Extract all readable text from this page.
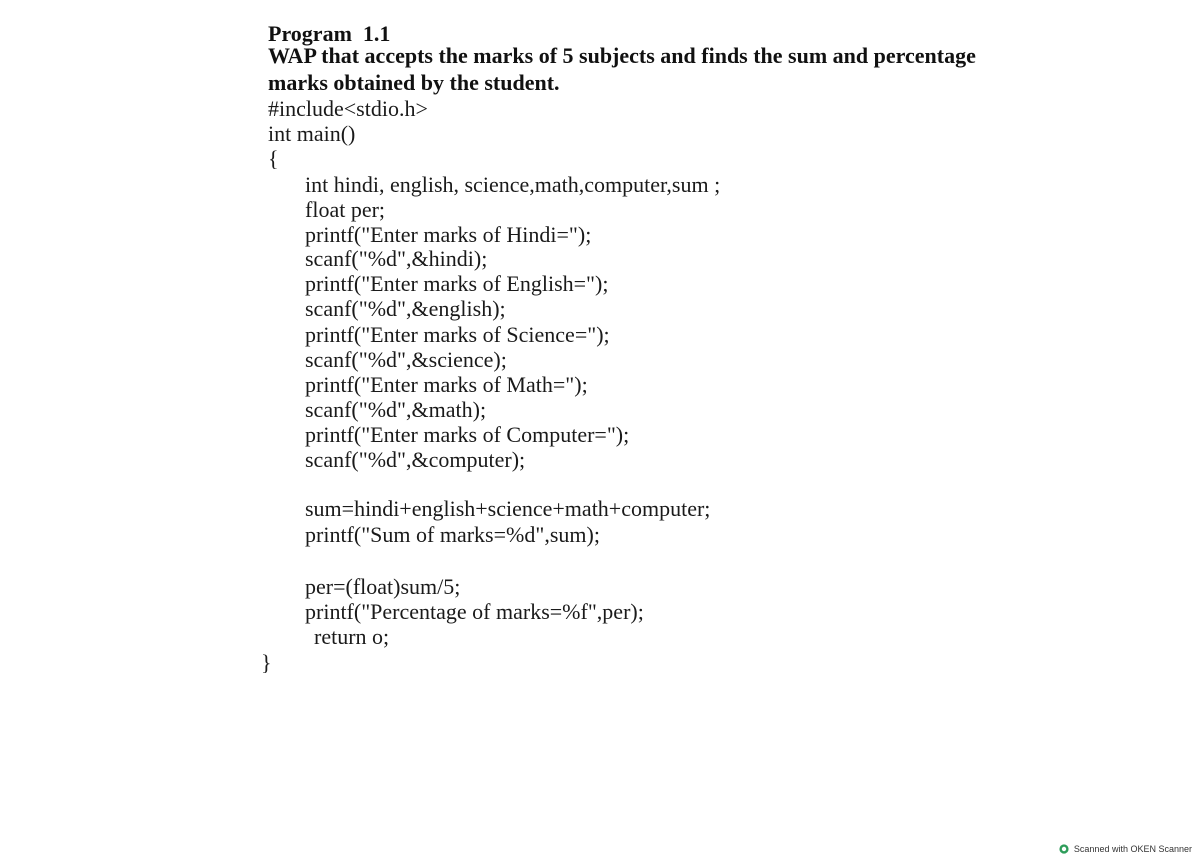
Program  1.1
WAP that accepts the marks of 5 subjects and finds the sum and percentage
marks obtained by the student.
#include<stdio.h>
int main()
{
int hindi, english, science,math,computer,sum ;
float per;
printf("Enter marks of Hindi=");
scanf("%d",&hindi);
printf("Enter marks of English=");
scanf("%d",&english);
printf("Enter marks of Science=");
scanf("%d",&science);
printf("Enter marks of Math=");
scanf("%d",&math);
printf("Enter marks of Computer=");
scanf("%d",&computer);
sum=hindi+english+science+math+computer;
printf("Sum of marks=%d",sum);
per=(float)sum/5;
printf("Percentage of marks=%f",per);
return o;
}
Scanned with OKEN Scanner
